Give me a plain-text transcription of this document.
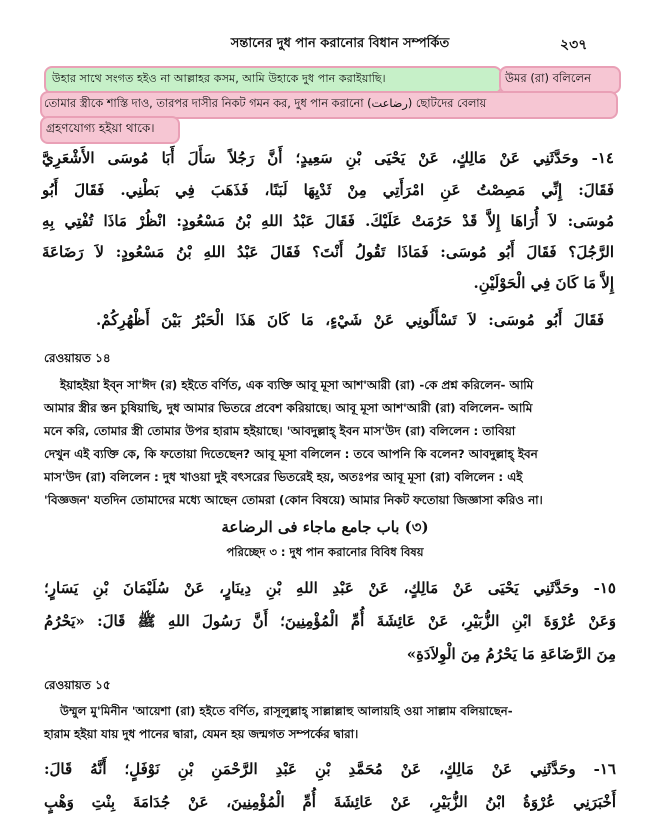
সন্তানের দুধ পান করানোর বিধান সম্পর্কিত	২৩৭
উহার সাথে সংগত হইও না আল্লাহর কসম, আমি উহাকে দুধ পান করাইয়াছি।	উমর (রা) বলিলেন
তোমার স্ত্রীকে শাস্তি দাও, তারপর দাসীর নিকট গমন কর, দুধ পান করানো (رضاعت) ছোটদের বেলায়
গ্রহণযোগ্য হইয়া থাকে।
١٤- وحَدَّثَنِي عَنْ مَالِكٍ، عَنْ يَحْيَى بْنِ سَعِيدٍ؛ أَنَّ رَجُلاً سَأَلَ أَبَا مُوسَى الأَشْعَرِيَّ
فَقَالَ: إِنِّي مَصِصْتُ عَنِ امْرَأَتِي مِنْ ثَدْيِهَا لَبَنًا، فَذَهَبَ فِي بَطْنِي. فَقَالَ أَبُو
مُوسَى: لاَ أُرَاهَا إِلاَّ قَدْ حَرُمَتْ عَلَيْكَ. فَقَالَ عَبْدُ اللهِ بْنُ مَسْعُودٍ: انْظُرْ مَاذَا تُفْتِي بِهِ
الرَّجُلَ؟ فَقَالَ أَبُو مُوسَى: فَمَاذَا تَقُولُ أَنْتَ؟ فَقَالَ عَبْدُ اللهِ بْنُ مَسْعُودٍ: لاَ رَضَاعَةَ
إِلاَّ مَا كَانَ فِي الْحَوْلَيْنِ.
فَقَالَ أَبُو مُوسَى: لاَ تَسْأَلُونِي عَنْ شَيْءٍ، مَا كَانَ هَذَا الْحَبْرُ بَيْنَ أَظْهُرِكُمْ.
রেওয়ায়ত ১৪
ইয়াহইয়া ইব্ন সা'ঈদ (র) হইতে বর্ণিত, এক ব্যক্তি আবূ মূসা আশ'আরী (রা) -কে প্রশ্ন করিলেন- আমি
আমার স্ত্রীর স্তন চুষিয়াছি, দুধ আমার ভিতরে প্রবেশ করিয়াছে। আবূ মূসা আশ'আরী (রা) বলিলেন- আমি
মনে করি, তোমার স্ত্রী তোমার উপর হারাম হইয়াছে। 'আবদুল্লাহ্ ইবন মাস'উদ (রা) বলিলেন : তাবিয়া
দেখুন এই ব্যক্তি কে, কি ফতোয়া দিতেছেন? আবূ মূসা বলিলেন : তবে আপনি কি বলেন? আবদুল্লাহ্ ইবন
মাস'উদ (রা) বলিলেন : দুধ খাওয়া দুই বৎসরের ভিতরেই হয়, অতঃপর আবূ মূসা (রা) বলিলেন : এই
'বিজ্ঞজন' যতদিন তোমাদের মধ্যে আছেন তোমরা (কোন বিষয়ে) আমার নিকট ফতোয়া জিজ্ঞাসা করিও না।
(৩) باب جامع ماجاء فى الرضاعة
পরিচ্ছেদ ৩ : দুধ পান করানোর বিবিধ বিষয়
١٥- وحَدَّثَنِي يَحْيَى عَنْ مَالِكٍ، عَنْ عَبْدِ اللهِ بْنِ دِينَارٍ، عَنْ سُلَيْمَانَ بْنِ يَسَارٍ؛
وَعَنْ عُرْوَةَ ابْنِ الزُّبَيْرِ، عَنْ عَائِشَةَ أُمِّ الْمُؤْمِنِينَ؛ أَنَّ رَسُولَ اللهِ ﷺ قَالَ: «يَحْرُمُ
مِنَ الرَّضَاعَةِ مَا يَحْرُمُ مِنَ الْوِلاَدَةِ»
রেওয়ায়ত ১৫
উম্মুল মু'মিনীন 'আয়েশা (রা) হইতে বর্ণিত, রাসূলুল্লাহ্ সাল্লাল্লাহু আলায়হি ওয়া সাল্লাম বলিয়াছেন-
হারাম হইয়া যায় দুধ পানের দ্বারা, যেমন হয় জন্মগত সম্পর্কের দ্বারা।
١٦- وحَدَّثَنِي عَنْ مَالِكٍ، عَنْ مُحَمَّدِ بْنِ عَبْدِ الرَّحْمَنِ بْنِ نَوْفَلٍ؛ أَنَّهُ قَالَ:
أَخْبَرَنِي عُرْوَةُ ابْنُ الزُّبَيْرِ، عَنْ عَائِشَةَ أُمِّ الْمُؤْمِنِينَ، عَنْ جُدَامَةَ بِنْتِ وَهْبٍ
